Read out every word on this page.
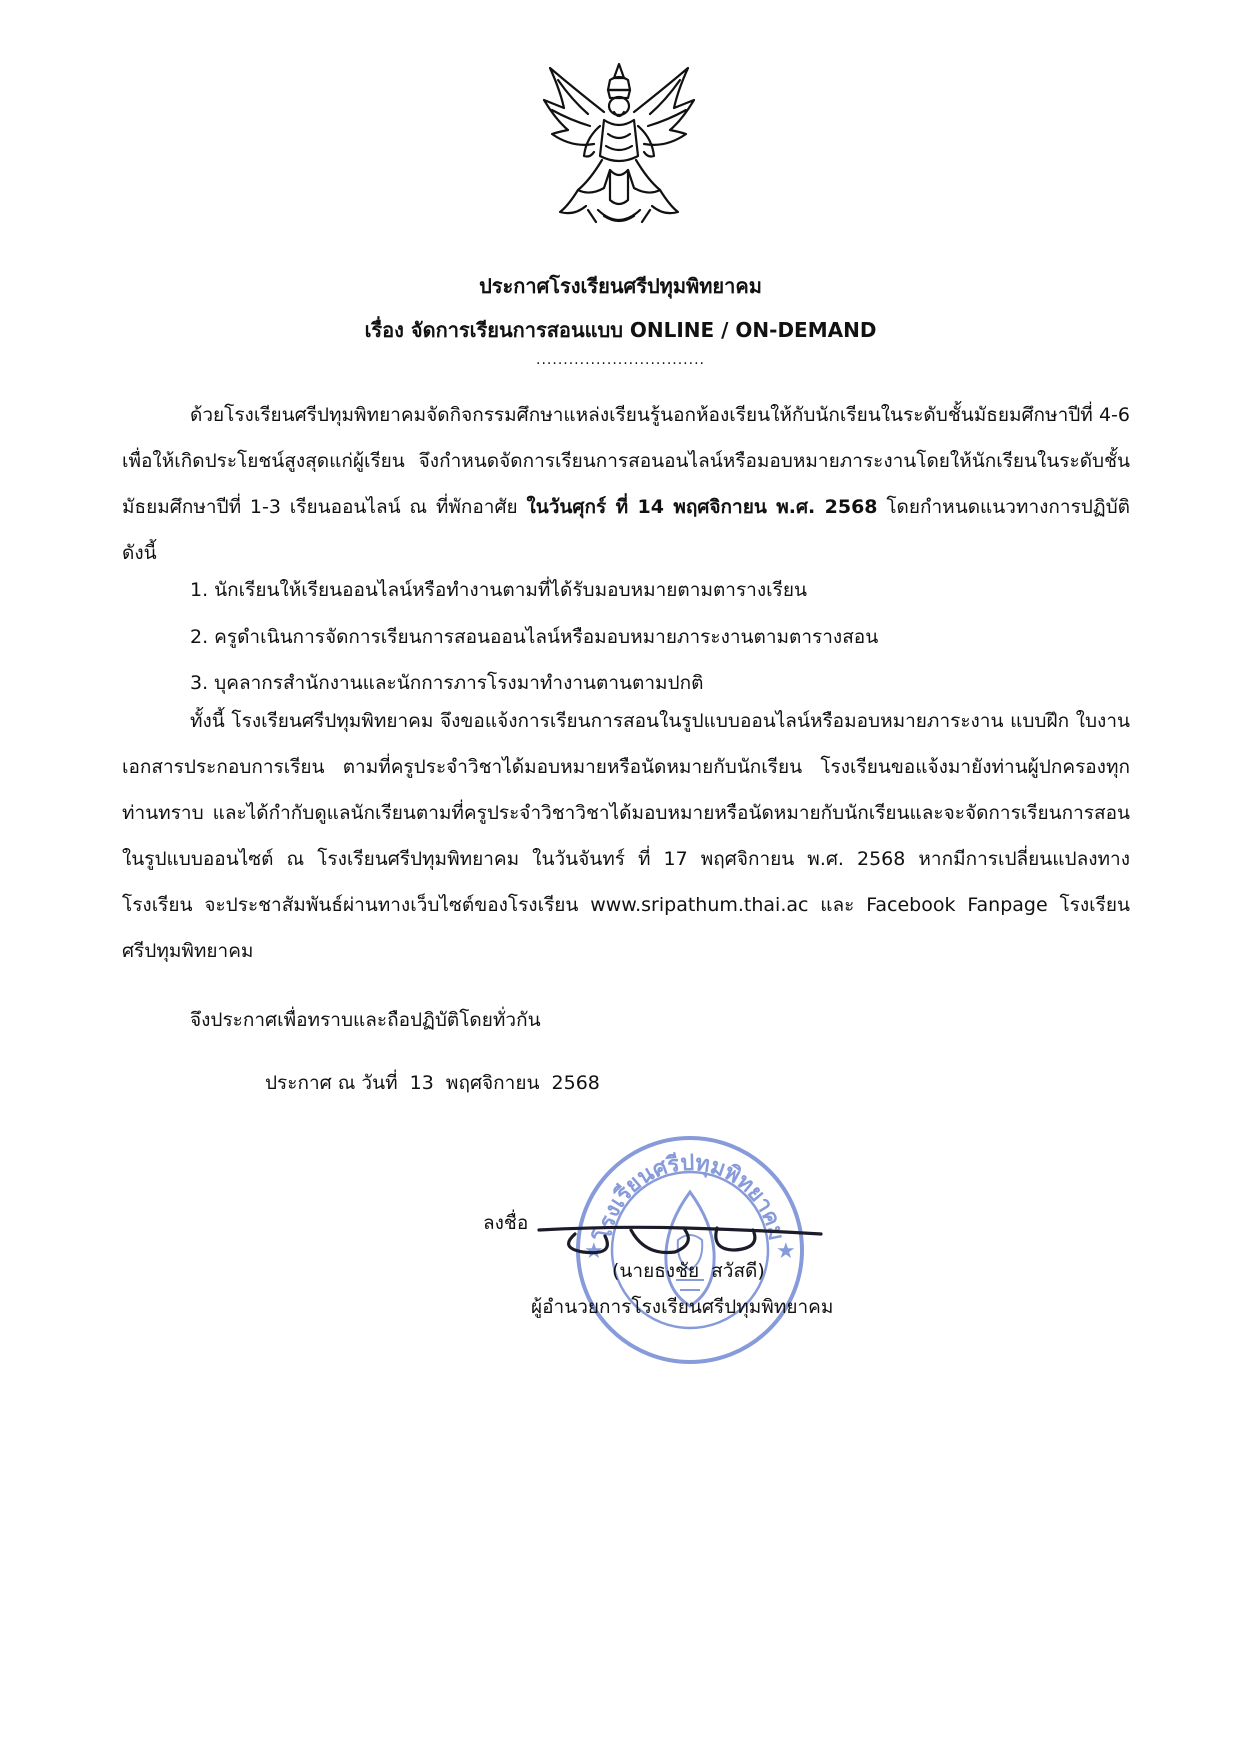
ประกาศโรงเรียนศรีปทุมพิทยาคม
เรื่อง จัดการเรียนการสอนแบบ ONLINE / ON-DEMAND
...............................

ด้วยโรงเรียนศรีปทุมพิทยาคมจัดกิจกรรมศึกษาแหล่งเรียนรู้นอกห้องเรียนให้กับนักเรียนในระดับชั้นมัธยมศึกษาปีที่ 4-6 เพื่อให้เกิดประโยชน์สูงสุดแก่ผู้เรียน จึงกำหนดจัดการเรียนการสอนอนไลน์หรือมอบหมายภาระงานโดยให้นักเรียนในระดับชั้นมัธยมศึกษาปีที่ 1-3 เรียนออนไลน์ ณ ที่พักอาศัย ในวันศุกร์ ที่ 14 พฤศจิกายน พ.ศ. 2568 โดยกำหนดแนวทางการปฏิบัติดังนี้

1. นักเรียนให้เรียนออนไลน์หรือทำงานตามที่ได้รับมอบหมายตามตารางเรียน
2. ครูดำเนินการจัดการเรียนการสอนออนไลน์หรือมอบหมายภาระงานตามตารางสอน
3. บุคลากรสำนักงานและนักการภารโรงมาทำงานตานตามปกติ

ทั้งนี้ โรงเรียนศรีปทุมพิทยาคม จึงขอแจ้งการเรียนการสอนในรูปแบบออนไลน์หรือมอบหมายภาระงาน แบบฝึก ใบงาน เอกสารประกอบการเรียน ตามที่ครูประจำวิชาได้มอบหมายหรือนัดหมายกับนักเรียน โรงเรียนขอแจ้งมายังท่านผู้ปกครองทุกท่านทราบ และได้กำกับดูแลนักเรียนตามที่ครูประจำวิชาวิชาได้มอบหมายหรือนัดหมายกับนักเรียนและจะจัดการเรียนการสอนในรูปแบบออนไซต์ ณ โรงเรียนศรีปทุมพิทยาคม ในวันจันทร์ ที่ 17 พฤศจิกายน พ.ศ. 2568 หากมีการเปลี่ยนแปลงทางโรงเรียน จะประชาสัมพันธ์ผ่านทางเว็บไซต์ของโรงเรียน www.sripathum.thai.ac และ Facebook Fanpage โรงเรียนศรีปทุมพิทยาคม

จึงประกาศเพื่อทราบและถือปฏิบัติโดยทั่วกัน
ประกาศ ณ วันที่  13  พฤศจิกายน  2568
โรงเรียนศรีปทุมพิทยาคม
★	★
ลงชื่อ
(นายธงชัย  สวัสดี)
ผู้อำนวยการโรงเรียนศรีปทุมพิทยาคม
